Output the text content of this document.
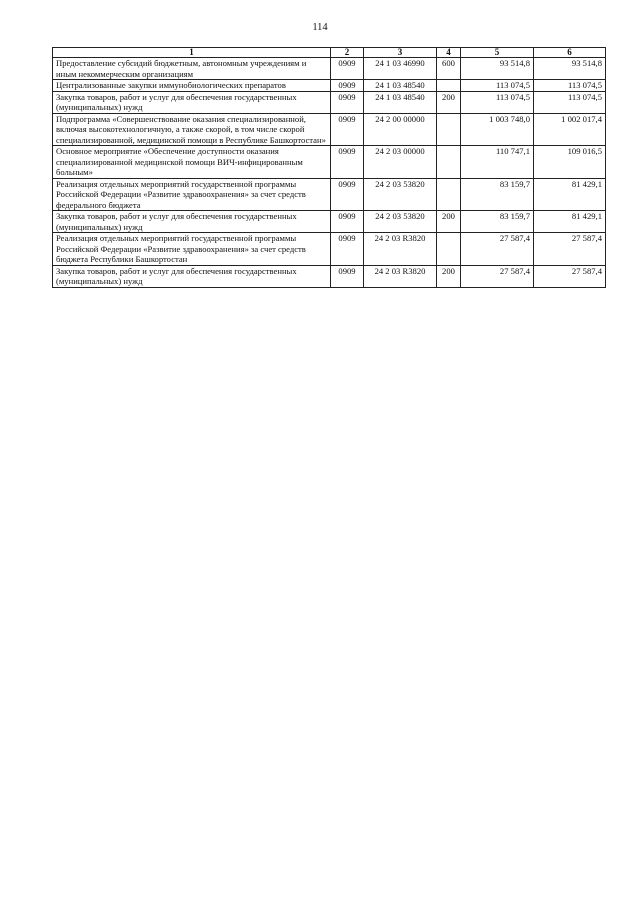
114
1	2	3	4	5	6
Предоставление субсидий бюджетным, автономным учреждениям и иным некоммерческим организациям	0909	24 1 03 46990	600	93 514,8	93 514,8
Централизованные закупки иммунобиологических препаратов	0909	24 1 03 48540		113 074,5	113 074,5
Закупка товаров, работ и услуг для обеспечения государственных (муниципальных) нужд	0909	24 1 03 48540	200	113 074,5	113 074,5
Подпрограмма «Совершенствование оказания специализированной, включая высокотехнологичную, а также скорой, в том числе скорой специализированной, медицинской помощи в Республике Башкортостан»	0909	24 2 00 00000		1 003 748,0	1 002 017,4
Основное мероприятие «Обеспечение доступности оказания специализированной медицинской помощи ВИЧ-инфицированным больным»	0909	24 2 03 00000		110 747,1	109 016,5
Реализация отдельных мероприятий государственной программы Российской Федерации «Развитие здравоохранения» за счет средств федерального бюджета	0909	24 2 03 53820		83 159,7	81 429,1
Закупка товаров, работ и услуг для обеспечения государственных (муниципальных) нужд	0909	24 2 03 53820	200	83 159,7	81 429,1
Реализация отдельных мероприятий государственной программы Российской Федерации «Развитие здравоохранения» за счет средств бюджета Республики Башкортостан	0909	24 2 03 R3820		27 587,4	27 587,4
Закупка товаров, работ и услуг для обеспечения государственных (муниципальных) нужд	0909	24 2 03 R3820	200	27 587,4	27 587,4
